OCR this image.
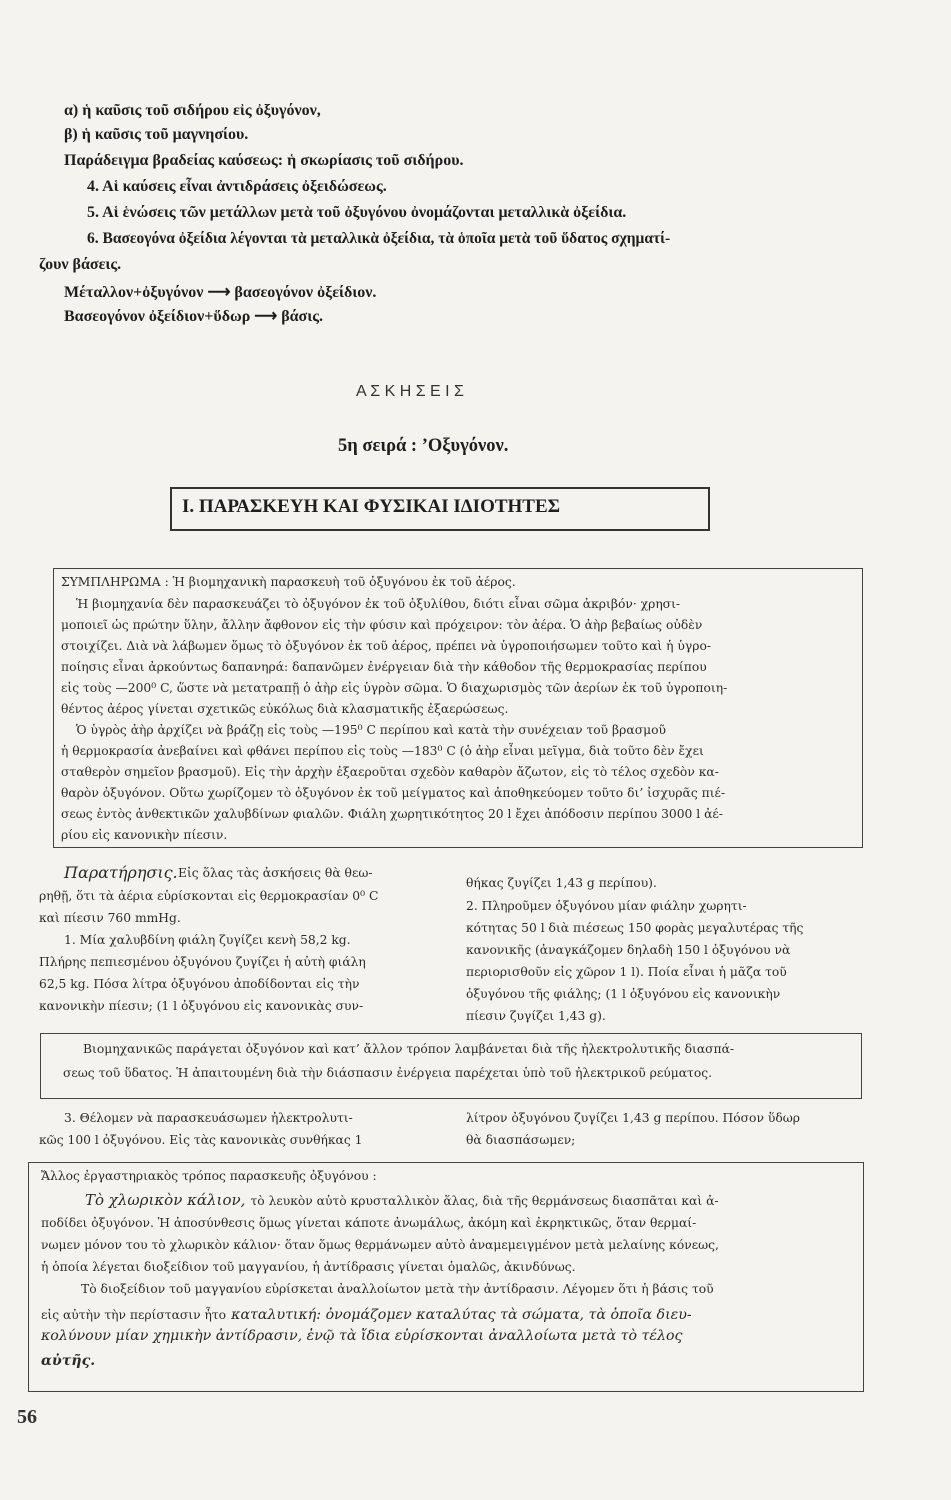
α) ἡ καῦσις τοῦ σιδήρου εἰς ὀξυγόνον,
β) ἡ καῦσις τοῦ μαγνησίου.
Παράδειγμα βραδείας καύσεως: ἡ σκωρίασις τοῦ σιδήρου.
4. Αἱ καύσεις εἶναι ἀντιδράσεις ὀξειδώσεως.
5. Αἱ ἑνώσεις τῶν μετάλλων μετὰ τοῦ ὀξυγόνου ὀνομάζονται μεταλλικὰ ὀξείδια.
6. Βασεογόνα ὀξείδια λέγονται τὰ μεταλλικὰ ὀξείδια, τὰ ὁποῖα μετὰ τοῦ ὕδατος σχηματί-
ζουν βάσεις.
Μέταλλον+ὀξυγόνον ⟶ βασεογόνον ὀξείδιον.
Βασεογόνον ὀξείδιον+ὕδωρ ⟶ βάσις.
Α Σ Κ Η Σ Ε Ι Σ
5η σειρά : ’Οξυγόνον.
I. ΠΑΡΑΣΚΕΥΗ ΚΑΙ ΦΥΣΙΚΑΙ ΙΔΙΟΤΗΤΕΣ
ΣΥΜΠΛΗΡΩΜΑ : Ἡ βιομηχανικὴ παρασκευὴ τοῦ ὀξυγόνου ἐκ τοῦ ἀέρος.
Ἡ βιομηχανία δὲν παρασκευάζει τὸ ὀξυγόνον ἐκ τοῦ ὀξυλίθου, διότι εἶναι σῶμα ἀκριβόν· χρησι-
μοποιεῖ ὡς πρώτην ὕλην, ἄλλην ἄφθονον εἰς τὴν φύσιν καὶ πρόχειρον: τὸν ἀέρα. Ὁ ἀὴρ βεβαίως οὐδὲν
στοιχίζει. Διὰ νὰ λάβωμεν ὅμως τὸ ὀξυγόνον ἐκ τοῦ ἀέρος, πρέπει νὰ ὑγροποιήσωμεν τοῦτο καὶ ἡ ὑγρο-
ποίησις εἶναι ἀρκούντως δαπανηρά: δαπανῶμεν ἐνέργειαν διὰ τὴν κάθοδον τῆς θερμοκρασίας περίπου
εἰς τοὺς —200⁰ C, ὥστε νὰ μετατραπῇ ὁ ἀὴρ εἰς ὑγρὸν σῶμα. Ὁ διαχωρισμὸς τῶν ἀερίων ἐκ τοῦ ὑγροποιη-
θέντος ἀέρος γίνεται σχετικῶς εὐκόλως διὰ κλασματικῆς ἐξαερώσεως.
Ὁ ὑγρὸς ἀὴρ ἀρχίζει νὰ βράζῃ εἰς τοὺς —195⁰ C περίπου καὶ κατὰ τὴν συνέχειαν τοῦ βρασμοῦ
ἡ θερμοκρασία ἀνεβαίνει καὶ φθάνει περίπου εἰς τοὺς —183⁰ C (ὁ ἀὴρ εἶναι μεῖγμα, διὰ τοῦτο δὲν ἔχει
σταθερὸν σημεῖον βρασμοῦ). Εἰς τὴν ἀρχὴν ἐξαεροῦται σχεδὸν καθαρὸν ἄζωτον, εἰς τὸ τέλος σχεδὸν κα-
θαρὸν ὀξυγόνον. Οὕτω χωρίζομεν τὸ ὀξυγόνον ἐκ τοῦ μείγματος καὶ ἀποθηκεύομεν τοῦτο δι’ ἰσχυρᾶς πιέ-
σεως ἐντὸς ἀνθεκτικῶν χαλυβδίνων φιαλῶν. Φιάλη χωρητικότητος 20 l ἔχει ἀπόδοσιν περίπου 3000 l ἀέ-
ρίου εἰς κανονικὴν πίεσιν.
Παρατήρησις. Εἰς ὅλας τὰς ἀσκήσεις θὰ θεω-
ρηθῇ, ὅτι τὰ ἀέρια εὑρίσκονται εἰς θερμοκρασίαν 0⁰ C
καὶ πίεσιν 760 mmHg.
1. Μία χαλυβδίνη φιάλη ζυγίζει κενὴ 58,2 kg.
Πλήρης πεπιεσμένου ὀξυγόνου ζυγίζει ἡ αὐτὴ φιάλη
62,5 kg. Πόσα λίτρα ὀξυγόνου ἀποδίδονται εἰς τὴν
κανονικὴν πίεσιν; (1 l ὀξυγόνου εἰς κανονικὰς συν-
θήκας ζυγίζει 1,43 g περίπου).
2. Πληροῦμεν ὀξυγόνου μίαν φιάλην χωρητι-
κότητας 50 l διὰ πιέσεως 150 φορὰς μεγαλυτέρας τῆς
κανονικῆς (ἀναγκάζομεν δηλαδὴ 150 l ὀξυγόνου νὰ
περιορισθοῦν εἰς χῶρον 1 l). Ποία εἶναι ἡ μᾶζα τοῦ
ὀξυγόνου τῆς φιάλης; (1 l ὀξυγόνου εἰς κανονικὴν
πίεσιν ζυγίζει 1,43 g).
Βιομηχανικῶς παράγεται ὀξυγόνον καὶ κατ’ ἄλλον τρόπον λαμβάνεται διὰ τῆς ἠλεκτρολυτικῆς διασπά-
σεως τοῦ ὕδατος. Ἡ ἀπαιτουμένη διὰ τὴν διάσπασιν ἐνέργεια παρέχεται ὑπὸ τοῦ ἠλεκτρικοῦ ρεύματος.
3. Θέλομεν νὰ παρασκευάσωμεν ἠλεκτρολυτι-
κῶς 100 l ὀξυγόνου. Εἰς τὰς κανονικὰς συνθήκας 1
λίτρον ὀξυγόνου ζυγίζει 1,43 g περίπου. Πόσον ὕδωρ
θὰ διασπάσωμεν;
Ἄλλος ἐργαστηριακὸς τρόπος παρασκευῆς ὀξυγόνου :
Τὸ χλωρικὸν κάλιον, τὸ λευκὸν αὐτὸ κρυσταλλικὸν ἅλας, διὰ τῆς θερμάνσεως διασπᾶται καὶ ἀ-
ποδίδει ὀξυγόνον. Ἡ ἀποσύνθεσις ὅμως γίνεται κάποτε ἀνωμάλως, ἀκόμη καὶ ἐκρηκτικῶς, ὅταν θερμαί-
νωμεν μόνον του τὸ χλωρικὸν κάλιον· ὅταν ὅμως θερμάνωμεν αὐτὸ ἀναμεμειγμένον μετὰ μελαίνης κόνεως,
ἡ ὁποία λέγεται διοξείδιον τοῦ μαγγανίου, ἡ ἀντίδρασις γίνεται ὁμαλῶς, ἀκινδύνως.
Τὸ διοξείδιον τοῦ μαγγανίου εὑρίσκεται ἀναλλοίωτον μετὰ τὴν ἀντίδρασιν. Λέγομεν ὅτι ἡ βάσις τοῦ
εἰς αὐτὴν τὴν περίστασιν ἦτο καταλυτική: ὀνομάζομεν καταλύτας τὰ σώματα, τὰ ὁποῖα διευ-
κολύνουν μίαν χημικὴν ἀντίδρασιν, ἐνῷ τὰ ἴδια εὑρίσκονται ἀναλλοίωτα μετὰ τὸ τέλος
αὐτῆς.
56
